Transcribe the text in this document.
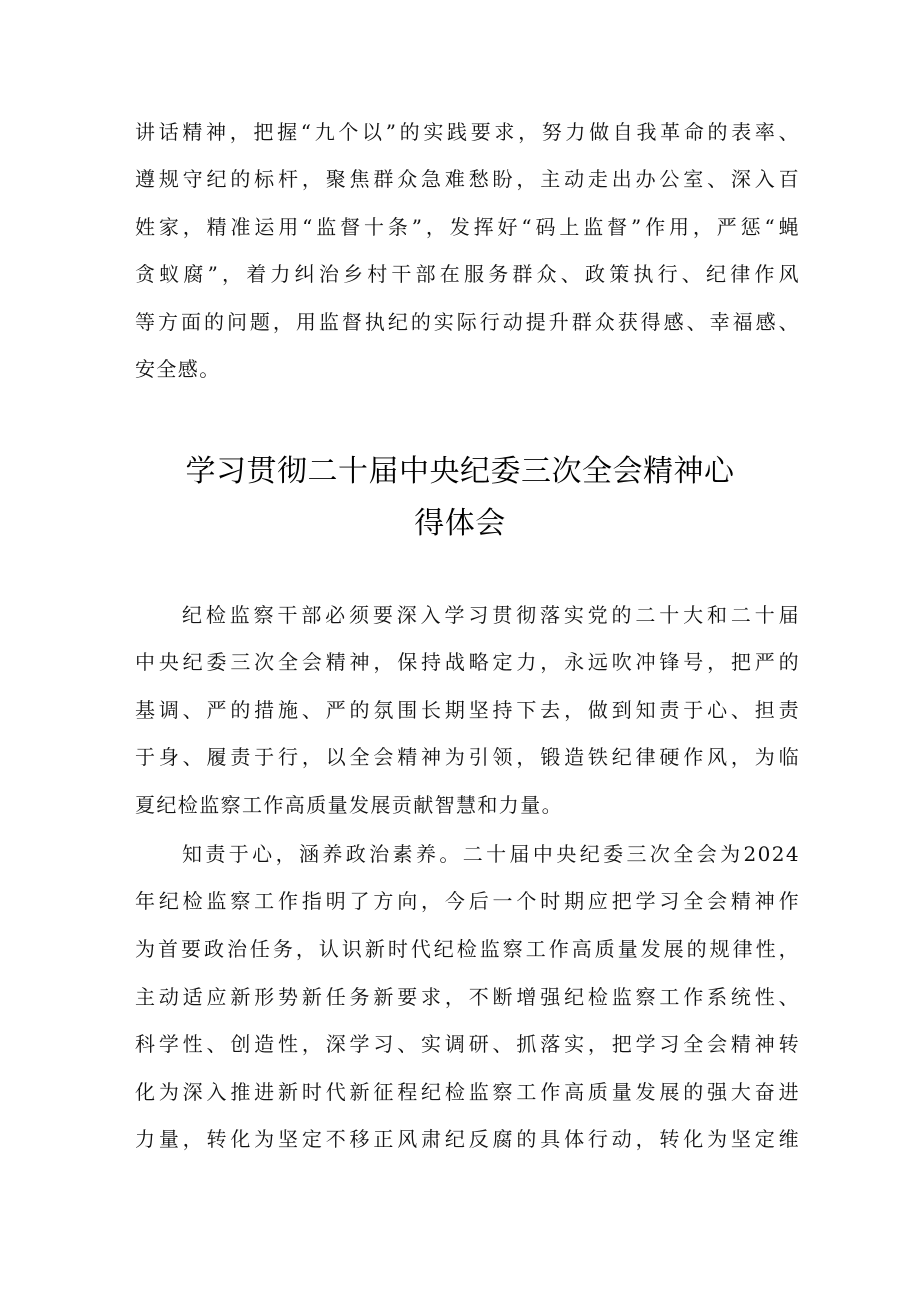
讲话精神，把握“九个以”的实践要求，努力做自我革命的表率、

遵规守纪的标杆，聚焦群众急难愁盼，主动走出办公室、深入百

姓家，精准运用“监督十条”，发挥好“码上监督”作用，严惩“蝇

贪蚁腐”，着力纠治乡村干部在服务群众、政策执行、纪律作风

等方面的问题，用监督执纪的实际行动提升群众获得感、幸福感、

安全感。

学习贯彻二十届中央纪委三次全会精神心
得体会

纪检监察干部必须要深入学习贯彻落实党的二十大和二十届

中央纪委三次全会精神，保持战略定力，永远吹冲锋号，把严的

基调、严的措施、严的氛围长期坚持下去，做到知责于心、担责

于身、履责于行，以全会精神为引领，锻造铁纪律硬作风，为临

夏纪检监察工作高质量发展贡献智慧和力量。

知责于心，涵养政治素养。二十届中央纪委三次全会为2024

年纪检监察工作指明了方向，今后一个时期应把学习全会精神作

为首要政治任务，认识新时代纪检监察工作高质量发展的规律性，

主动适应新形势新任务新要求，不断增强纪检监察工作系统性、

科学性、创造性，深学习、实调研、抓落实，把学习全会精神转

化为深入推进新时代新征程纪检监察工作高质量发展的强大奋进

力量，转化为坚定不移正风肃纪反腐的具体行动，转化为坚定维
